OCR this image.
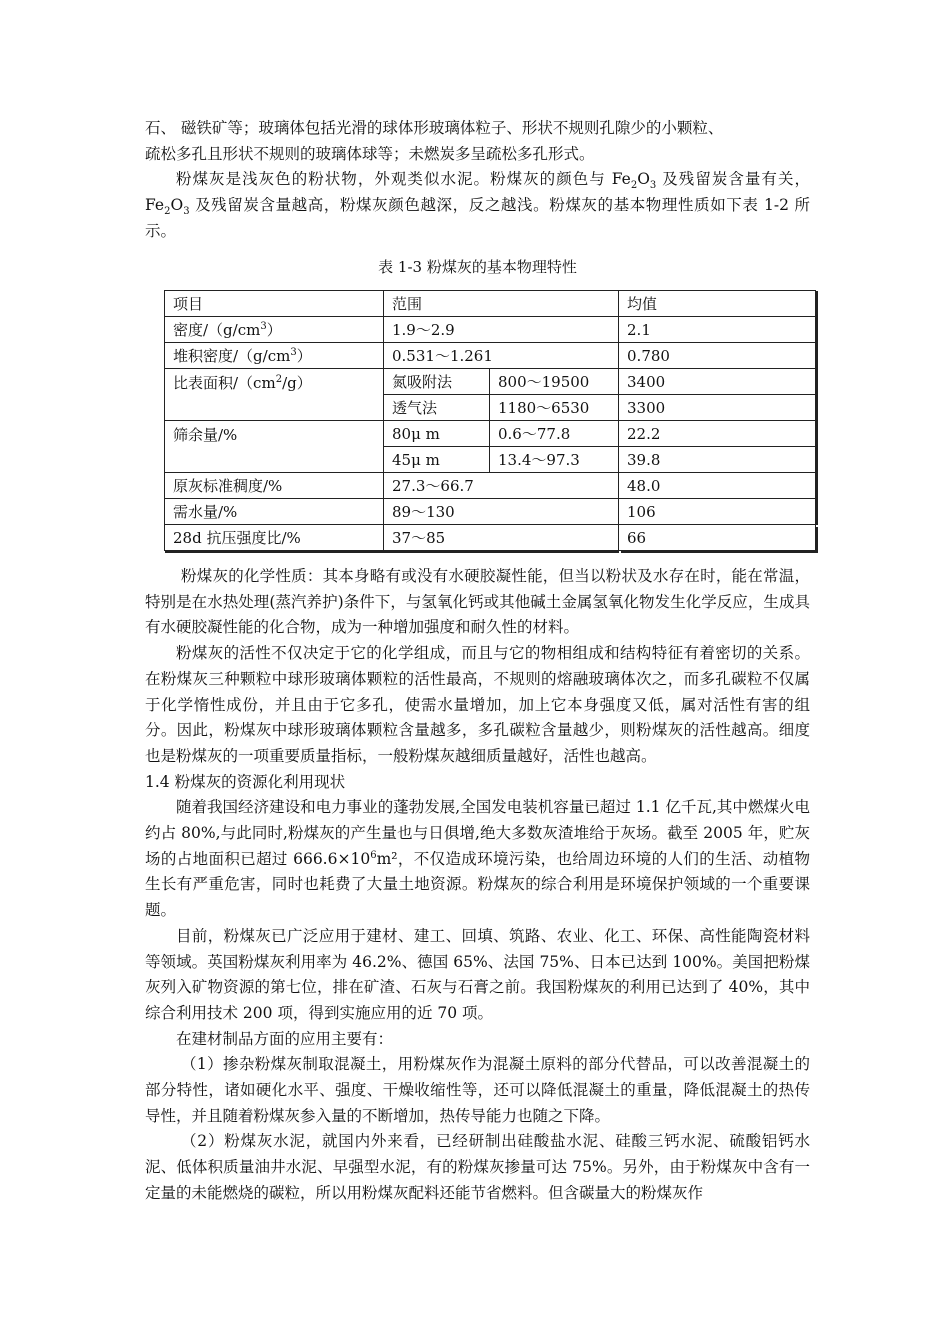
石、 磁铁矿等；玻璃体包括光滑的球体形玻璃体粒子、形状不规则孔隙少的小颗粒、

疏松多孔且形状不规则的玻璃体球等；未燃炭多呈疏松多孔形式。

粉煤灰是浅灰色的粉状物，外观类似水泥。粉煤灰的颜色与 $Fe_2O_3$ 及残留炭含量有关，$Fe_2O_3$ 及残留炭含量越高，粉煤灰颜色越深，反之越浅。粉煤灰的基本物理性质如下表 1-2 所示。

表 1-3 粉煤灰的基本物理特性
项目	范围		均值
密度$/(g/cm^3)$	1.9～2.9		2.1
堆积密度$/(g/cm^3)$	0.531～1.261		0.780
比表面积$/(cm^2/g)$	氮吸附法	800～19500	3400
	透气法	1180～6530	3300
筛余量/%	80μ m	0.6～77.8	22.2
	45μ m	13.4～97.3	39.8
原灰标准稠度/%	27.3～66.7		48.0
需水量/%	89～130		106
28d 抗压强度比/%	37～85		66

粉煤灰的化学性质：其本身略有或没有水硬胶凝性能，但当以粉状及水存在时，能在常温，特别是在水热处理(蒸汽养护)条件下，与氢氧化钙或其他碱土金属氢氧化物发生化学反应，生成具有水硬胶凝性能的化合物，成为一种增加强度和耐久性的材料。

粉煤灰的活性不仅决定于它的化学组成，而且与它的物相组成和结构特征有着密切的关系。在粉煤灰三种颗粒中球形玻璃体颗粒的活性最高，不规则的熔融玻璃体次之，而多孔碳粒不仅属于化学惰性成份，并且由于它多孔，使需水量增加，加上它本身强度又低，属对活性有害的组分。因此，粉煤灰中球形玻璃体颗粒含量越多，多孔碳粒含量越少，则粉煤灰的活性越高。细度也是粉煤灰的一项重要质量指标，一般粉煤灰越细质量越好，活性也越高。

1.4 粉煤灰的资源化利用现状

随着我国经济建设和电力事业的蓬勃发展,全国发电装机容量已超过 1.1 亿千瓦,其中燃煤火电约占 80%,与此同时,粉煤灰的产生量也与日俱增,绝大多数灰渣堆给于灰场。截至 2005 年，贮灰场的占地面积已超过 $666.6\times 10^6m^2$，不仅造成环境污染，也给周边环境的人们的生活、动植物生长有严重危害，同时也耗费了大量土地资源。粉煤灰的综合利用是环境保护领域的一个重要课题。

目前，粉煤灰已广泛应用于建材、建工、回填、筑路、农业、化工、环保、高性能陶瓷材料等领域。英国粉煤灰利用率为 46.2%、德国 65%、法国 75%、日本已达到 100%。美国把粉煤灰列入矿物资源的第七位，排在矿渣、石灰与石膏之前。我国粉煤灰的利用已达到了 40%，其中综合利用技术 200 项，得到实施应用的近 70 项。

在建材制品方面的应用主要有：

（1）掺杂粉煤灰制取混凝土，用粉煤灰作为混凝土原料的部分代替品，可以改善混凝土的部分特性，诸如硬化水平、强度、干燥收缩性等，还可以降低混凝土的重量，降低混凝土的热传导性，并且随着粉煤灰参入量的不断增加，热传导能力也随之下降。

（2）粉煤灰水泥，就国内外来看，已经研制出硅酸盐水泥、硅酸三钙水泥、硫酸铝钙水泥、低体积质量油井水泥、早强型水泥，有的粉煤灰掺量可达 75%。另外，由于粉煤灰中含有一定量的未能燃烧的碳粒，所以用粉煤灰配料还能节省燃料。但含碳量大的粉煤灰作
